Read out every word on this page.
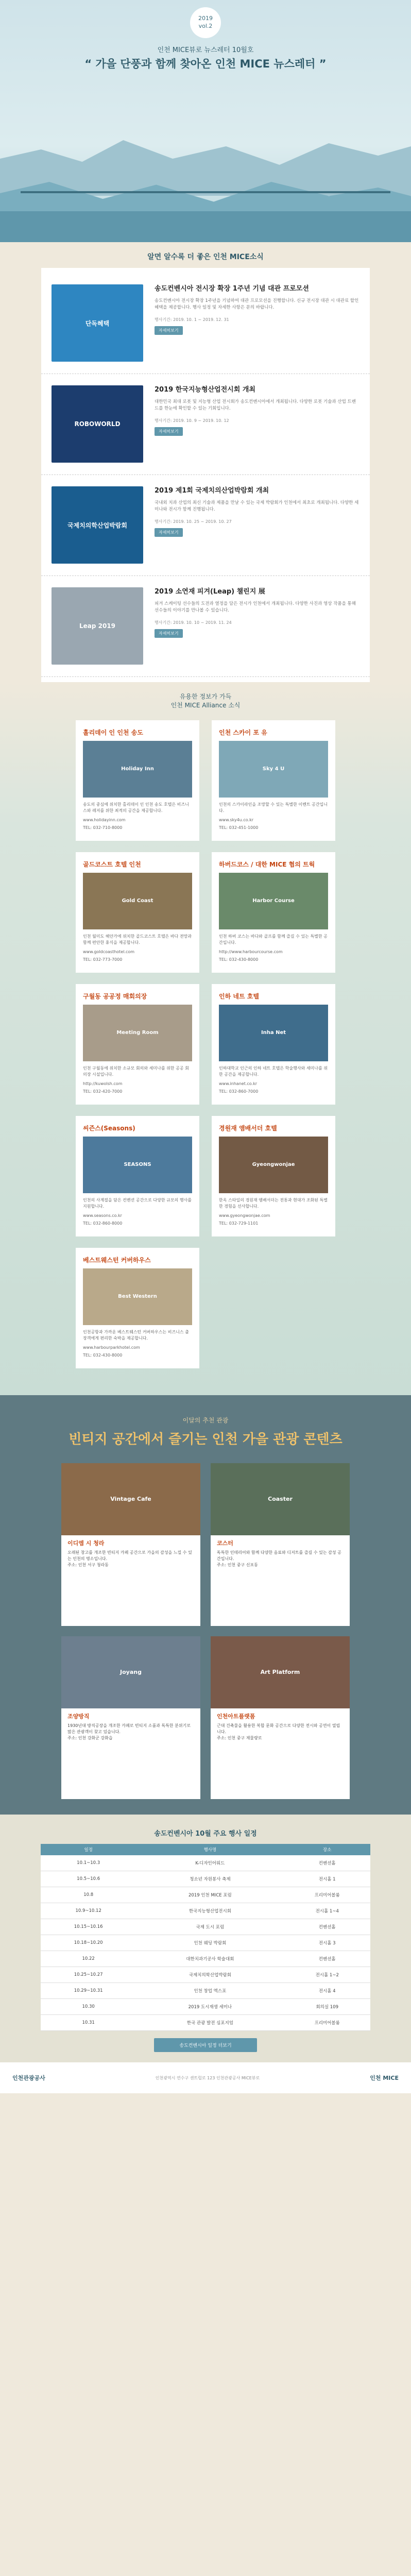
2019
vol.2
인천 MICE뷰로 뉴스레터 10월호
“ 가을 단풍과 함께 찾아온 인천 MICE 뉴스레터 ”
알면 알수록 더 좋은 인천 MICE소식
단독혜택
송도컨벤시아 전시장 확장 1주년 기념 대관 프로모션

송도컨벤시아 전시장 확장 1주년을 기념하여 대관 프로모션을 진행합니다. 신규 전시장 대관 시 대관료 할인 혜택을 제공합니다. 행사 일정 및 자세한 사항은 문의 바랍니다.

행사기간: 2019. 10. 1 ~ 2019. 12. 31
자세히보기
ROBOWORLD
2019 한국지능형산업전시회 개최

대한민국 최대 로봇 및 지능형 산업 전시회가 송도컨벤시아에서 개최됩니다. 다양한 로봇 기술과 산업 트렌드를 한눈에 확인할 수 있는 기회입니다.

행사기간: 2019. 10. 9 ~ 2019. 10. 12
자세히보기
국제치의학산업박람회
2019 제1회 국제치의산업박람회 개최

국내외 치과 산업의 최신 기술과 제품을 만날 수 있는 국제 박람회가 인천에서 최초로 개최됩니다. 다양한 세미나와 전시가 함께 진행됩니다.

행사기간: 2019. 10. 25 ~ 2019. 10. 27
자세히보기
Leap 2019
2019 소연재 피겨(Leap) 챌린지 展

피겨 스케이팅 선수들의 도전과 열정을 담은 전시가 인천에서 개최됩니다. 다양한 사진과 영상 작품을 통해 선수들의 이야기를 만나볼 수 있습니다.

행사기간: 2019. 10. 10 ~ 2019. 11. 24
자세히보기
유용한 정보가 가득
인천 MICE Alliance 소식
홀리데이 인 인천 송도
Holiday Inn

송도의 중심에 위치한 홀리데이 인 인천 송도 호텔은 비즈니스와 레저를 위한 최적의 공간을 제공합니다.

www.holidayinn.com
TEL: 032-710-8000
골드코스트 호텔 인천
Gold Coast

인천 월미도 해안가에 위치한 골드코스트 호텔은 바다 전망과 함께 편안한 휴식을 제공합니다.

www.goldcoasthotel.com
TEL: 032-773-7000
구월동 공공정 매회의장
Meeting Room

인천 구월동에 위치한 소규모 회의와 세미나를 위한 공공 회의장 시설입니다.

http://kuwolsh.com
TEL: 032-420-7000
씨즌스(Seasons)
SEASONS

인천의 사계절을 담은 컨벤션 공간으로 다양한 규모의 행사를 지원합니다.

www.seasons.co.kr
TEL: 032-860-8000
베스트웨스턴 커버하우스
Best Western

인천공항과 가까운 베스트웨스턴 커버하우스는 비즈니스 출장객에게 편리한 숙박을 제공합니다.

www.harbourparkhotel.com
TEL: 032-430-8000
인천 스카이 포 유
Sky 4 U

인천의 스카이라인을 조망할 수 있는 특별한 이벤트 공간입니다.

www.sky4u.co.kr
TEL: 032-451-1000
하버드코스 / 대한 MICE 협의 트웍
Harbor Course

인천 하버 코스는 바다와 골프를 함께 즐길 수 있는 특별한 공간입니다.

http://www.harbourcourse.com
TEL: 032-430-8000
인하 네트 호텔
Inha Net

인하대학교 인근의 인하 네트 호텔은 학술행사와 세미나를 위한 공간을 제공합니다.

www.inhanet.co.kr
TEL: 032-860-7000
경원재 앰배서더 호텔
Gyeongwonjae

한옥 스타일의 경원재 앰배서더는 전통과 현대가 조화된 특별한 경험을 선사합니다.

www.gyeongwonjae.com
TEL: 032-729-1101
이달의 추천 관광
빈티지 공간에서 즐기는 인천 가을 관광 콘텐츠
Vintage Cafe
이디엠 시 청라

오래된 창고를 개조한 빈티지 카페 공간으로 가을의 감성을 느낄 수 있는 인천의 명소입니다.

주소: 인천 서구 청라동

Coaster
코스터

독특한 인테리어와 함께 다양한 음료와 디저트를 즐길 수 있는 감성 공간입니다.

주소: 인천 중구 신포동

Joyang
조양방직

1930년대 방직공장을 개조한 카페로 빈티지 소품과 독특한 분위기로 많은 관광객이 찾고 있습니다.

주소: 인천 강화군 강화읍

Art Platform
인천아트플랫폼

근대 건축물을 활용한 복합 문화 공간으로 다양한 전시와 공연이 열립니다.

주소: 인천 중구 제물량로

송도컨벤시아 10월 주요 행사 일정
일정	행사명	장소
10.1~10.3	K-디자인어워드	컨벤션홀
10.5~10.6	청소년 자원봉사 축제	전시홀 1
10.8	2019 인천 MICE 포럼	프리미어볼룸
10.9~10.12	한국지능형산업전시회	전시홀 1~4
10.15~10.16	국제 도시 포럼	컨벤션홀
10.18~10.20	인천 웨딩 박람회	전시홀 3
10.22	대한치과기공사 학술대회	컨벤션홀
10.25~10.27	국제치의학산업박람회	전시홀 1~2
10.29~10.31	인천 창업 엑스포	전시홀 4
10.30	2019 도시재생 세미나	회의실 109
10.31	한국 관광 발전 심포지엄	프리미어볼룸
송도컨벤시아 일정 더보기
인천관광공사	인천광역시 연수구 센트럴로 123 인천관광공사 MICE뷰로	인천 MICE
